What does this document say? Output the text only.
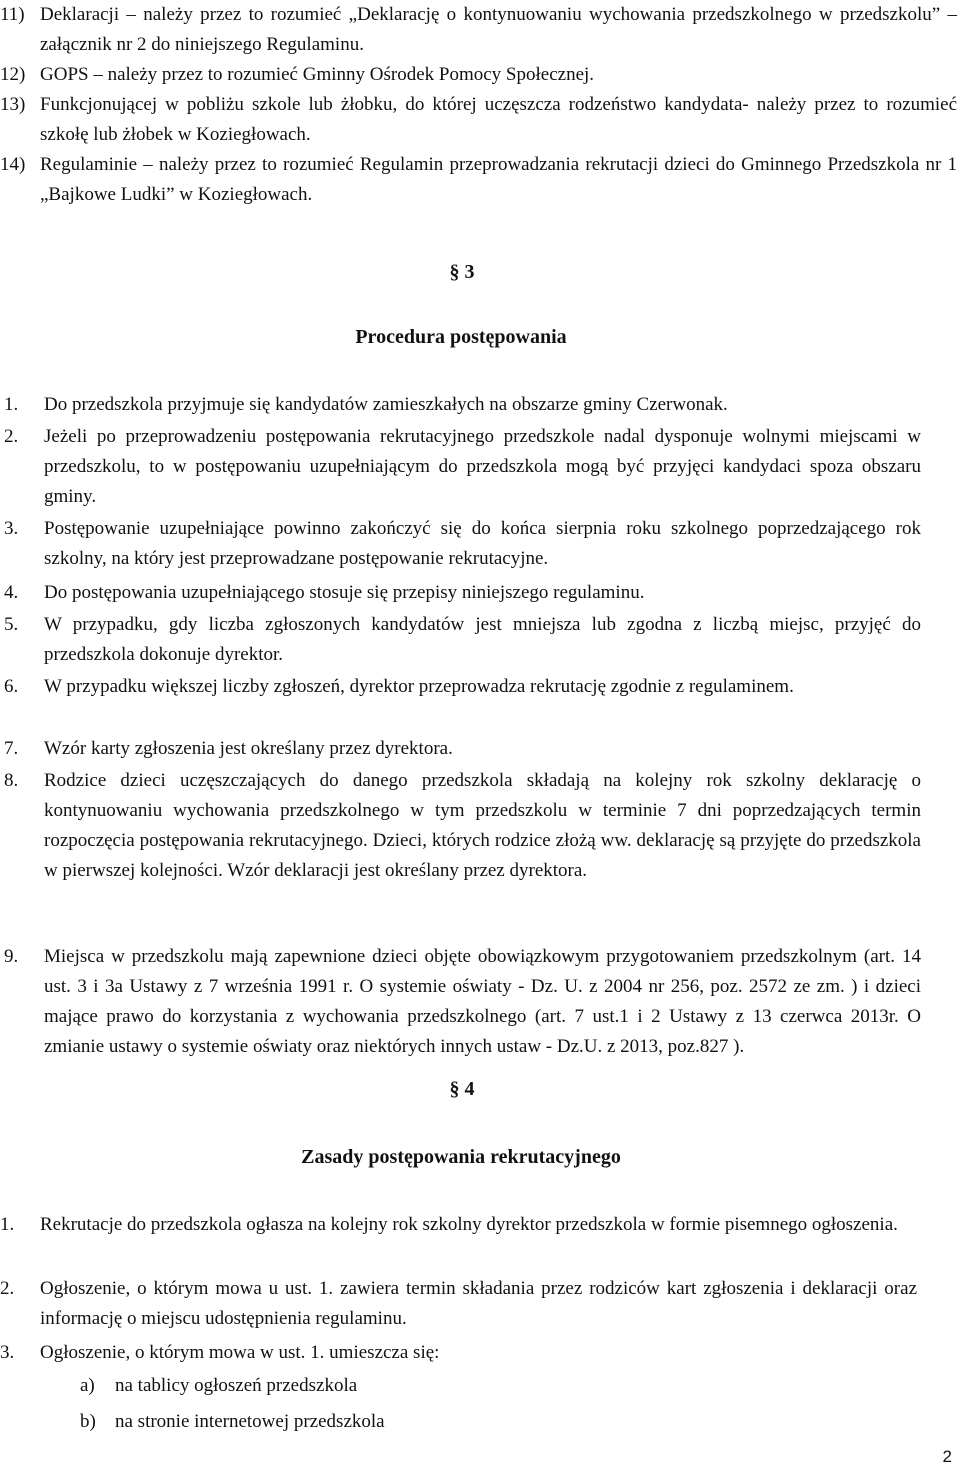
11) Deklaracji – należy przez to rozumieć „Deklarację o kontynuowaniu wychowania przedszkolnego w przedszkolu” – załącznik nr 2 do niniejszego Regulaminu.
12) GOPS – należy przez to rozumieć Gminny Ośrodek Pomocy Społecznej.
13) Funkcjonującej w pobliżu szkole lub żłobku, do której uczęszcza rodzeństwo kandydata- należy przez to rozumieć szkołę lub żłobek w Koziegłowach.
14) Regulaminie – należy przez to rozumieć Regulamin przeprowadzania rekrutacji dzieci do Gminnego Przedszkola nr 1 „Bajkowe Ludki” w Koziegłowach.
§ 3
Procedura postępowania
1. Do przedszkola przyjmuje się kandydatów zamieszkałych na obszarze gminy Czerwonak.
2. Jeżeli po przeprowadzeniu postępowania rekrutacyjnego przedszkole nadal dysponuje wolnymi miejscami w przedszkolu, to w postępowaniu uzupełniającym do przedszkola mogą być przyjęci kandydaci spoza obszaru gminy.
3. Postępowanie uzupełniające powinno zakończyć się do końca sierpnia roku szkolnego poprzedzającego rok szkolny, na który jest przeprowadzane postępowanie rekrutacyjne.
4. Do postępowania uzupełniającego stosuje się przepisy niniejszego regulaminu.
5. W przypadku, gdy liczba zgłoszonych kandydatów jest mniejsza lub zgodna z liczbą miejsc, przyjęć do przedszkola dokonuje dyrektor.
6. W przypadku większej liczby zgłoszeń, dyrektor przeprowadza rekrutację zgodnie z regulaminem.
7. Wzór karty zgłoszenia jest określany przez dyrektora.
8. Rodzice dzieci uczęszczających do danego przedszkola składają na kolejny rok szkolny deklarację o kontynuowaniu wychowania przedszkolnego w tym przedszkolu w terminie 7 dni poprzedzających termin rozpoczęcia postępowania rekrutacyjnego. Dzieci, których rodzice złożą ww. deklarację są przyjęte do przedszkola w pierwszej kolejności. Wzór deklaracji jest określany przez dyrektora.
9. Miejsca w przedszkolu mają zapewnione dzieci objęte obowiązkowym przygotowaniem przedszkolnym (art. 14 ust. 3 i 3a Ustawy z 7 września 1991 r. O systemie oświaty - Dz. U. z 2004 nr 256, poz. 2572 ze zm. ) i dzieci mające prawo do korzystania z wychowania przedszkolnego (art. 7 ust.1 i 2 Ustawy z 13 czerwca 2013r. O zmianie ustawy o systemie oświaty oraz niektórych innych ustaw - Dz.U. z 2013, poz.827 ).
§ 4
Zasady postępowania rekrutacyjnego
1. Rekrutacje do przedszkola ogłasza na kolejny rok szkolny dyrektor przedszkola w formie pisemnego ogłoszenia.
2. Ogłoszenie, o którym mowa u ust. 1. zawiera termin składania przez rodziców kart zgłoszenia i deklaracji oraz informację o miejscu udostępnienia regulaminu.
3. Ogłoszenie, o którym mowa w ust. 1. umieszcza się:
a) na tablicy ogłoszeń przedszkola
b) na stronie internetowej przedszkola
2
